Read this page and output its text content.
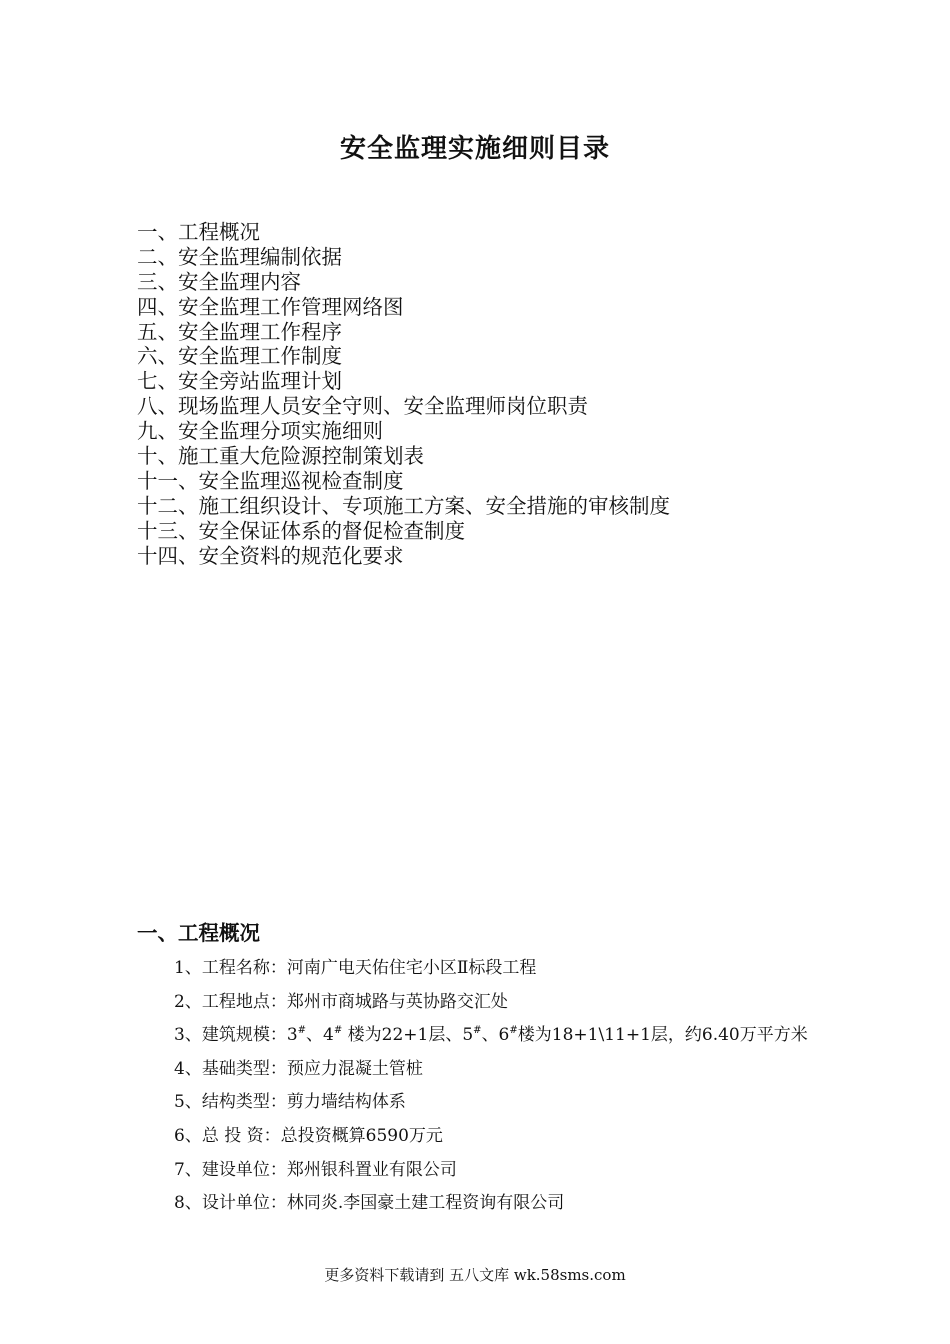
安全监理实施细则目录
一、工程概况
二、安全监理编制依据
三、安全监理内容
四、安全监理工作管理网络图
五、安全监理工作程序
六、安全监理工作制度
七、安全旁站监理计划
八、现场监理人员安全守则、安全监理师岗位职责
九、安全监理分项实施细则
十、施工重大危险源控制策划表
十一、安全监理巡视检查制度
十二、施工组织设计、专项施工方案、安全措施的审核制度
十三、安全保证体系的督促检查制度
十四、安全资料的规范化要求
一、工程概况
1、工程名称：河南广电天佑住宅小区Ⅱ标段工程
2、工程地点：郑州市商城路与英协路交汇处
3、建筑规模：3#、4# 楼为22+1层、5#、6#楼为18+1\11+1层，约6.40万平方米
4、基础类型：预应力混凝土管桩
5、结构类型：剪力墙结构体系
6、总 投 资：总投资概算6590万元
7、建设单位：郑州银科置业有限公司
8、设计单位：林同炎.李国豪土建工程资询有限公司

更多资料下载请到 五八文库 wk.58sms.com
